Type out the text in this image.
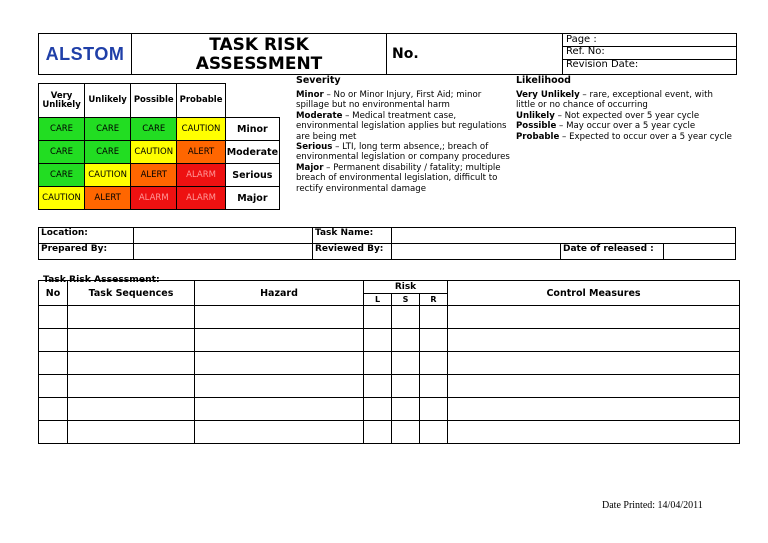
ALSTOM	TASK RISK
ASSESSMENT	No.
Page :
Ref. No:
Revision Date:
Very Unlikely	Unlikely	Possible	Probable	
CARE	CARE	CARE	CAUTION	Minor
CARE	CARE	CAUTION	ALERT	Moderate
CARE	CAUTION	ALERT	ALARM	Serious
CAUTION	ALERT	ALARM	ALARM	Major
Severity
Minor – No or Minor Injury, First Aid; minor spillage but no environmental harm
Moderate – Medical treatment case, environmental legislation applies but regulations are being met
Serious – LTI, long term absence,; breach of environmental legislation or company procedures
Major – Permanent disability / fatality; multiple breach of environmental legislation, difficult to rectify environmental damage
Likelihood
Very Unlikely – rare, exceptional event, with little or no chance of occurring
Unlikely – Not expected over 5 year cycle
Possible – May occur over a 5 year cycle
Probable – Expected to occur over a 5 year cycle
Location:		Task Name:			
Prepared By:		Reviewed By:		Date of released :	

Task Risk Assessment:
No	Task Sequences	Hazard	Risk			Control Measures
			L	S	R	

Date Printed: 14/04/2011
